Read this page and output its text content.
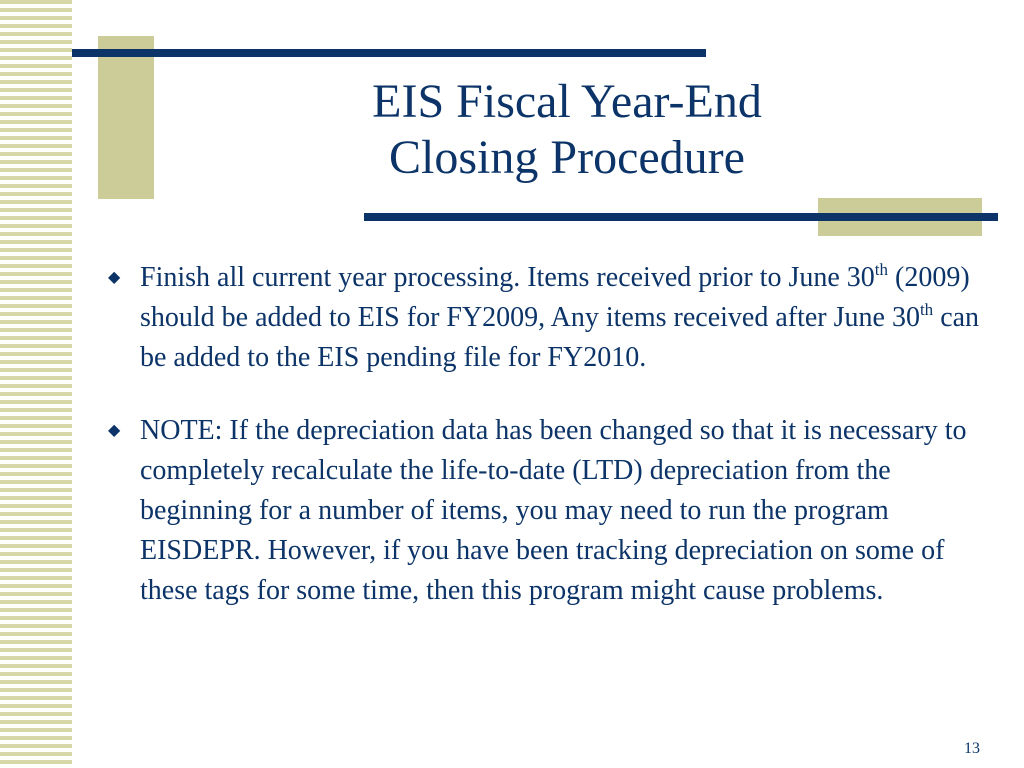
EIS Fiscal Year-End
Closing Procedure
◆ Finish all current year processing. Items received prior to June 30th (2009) should be added to EIS for FY2009, Any items received after June 30th can be added to the EIS pending file for FY2010.
◆ NOTE: If the depreciation data has been changed so that it is necessary to completely recalculate the life-to-date (LTD) depreciation from the beginning for a number of items, you may need to run the program EISDEPR. However, if you have been tracking depreciation on some of these tags for some time, then this program might cause problems.
13
